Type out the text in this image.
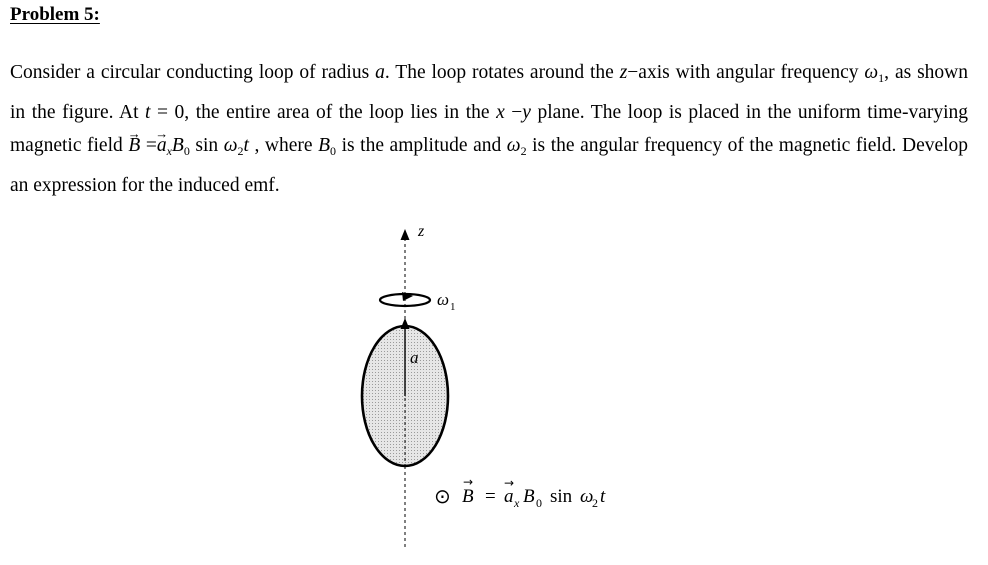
Problem 5:
Consider a circular conducting loop of radius a. The loop rotates around the z−axis with angular frequency $\omega_1$, as shown in the figure. At t = 0, the entire area of the loop lies in the x −y plane. The loop is placed in the uniform time-varying magnetic field → $B =\to a_xB_0$ $\sin \omega_2t$ , where $B_0$ is the amplitude and $\omega_2$ is the angular frequency of the magnetic field. Develop an expression for the induced emf.
z
ω 1
a
⊙ B
→
= a
→
x B 0 sin ω
2 t
